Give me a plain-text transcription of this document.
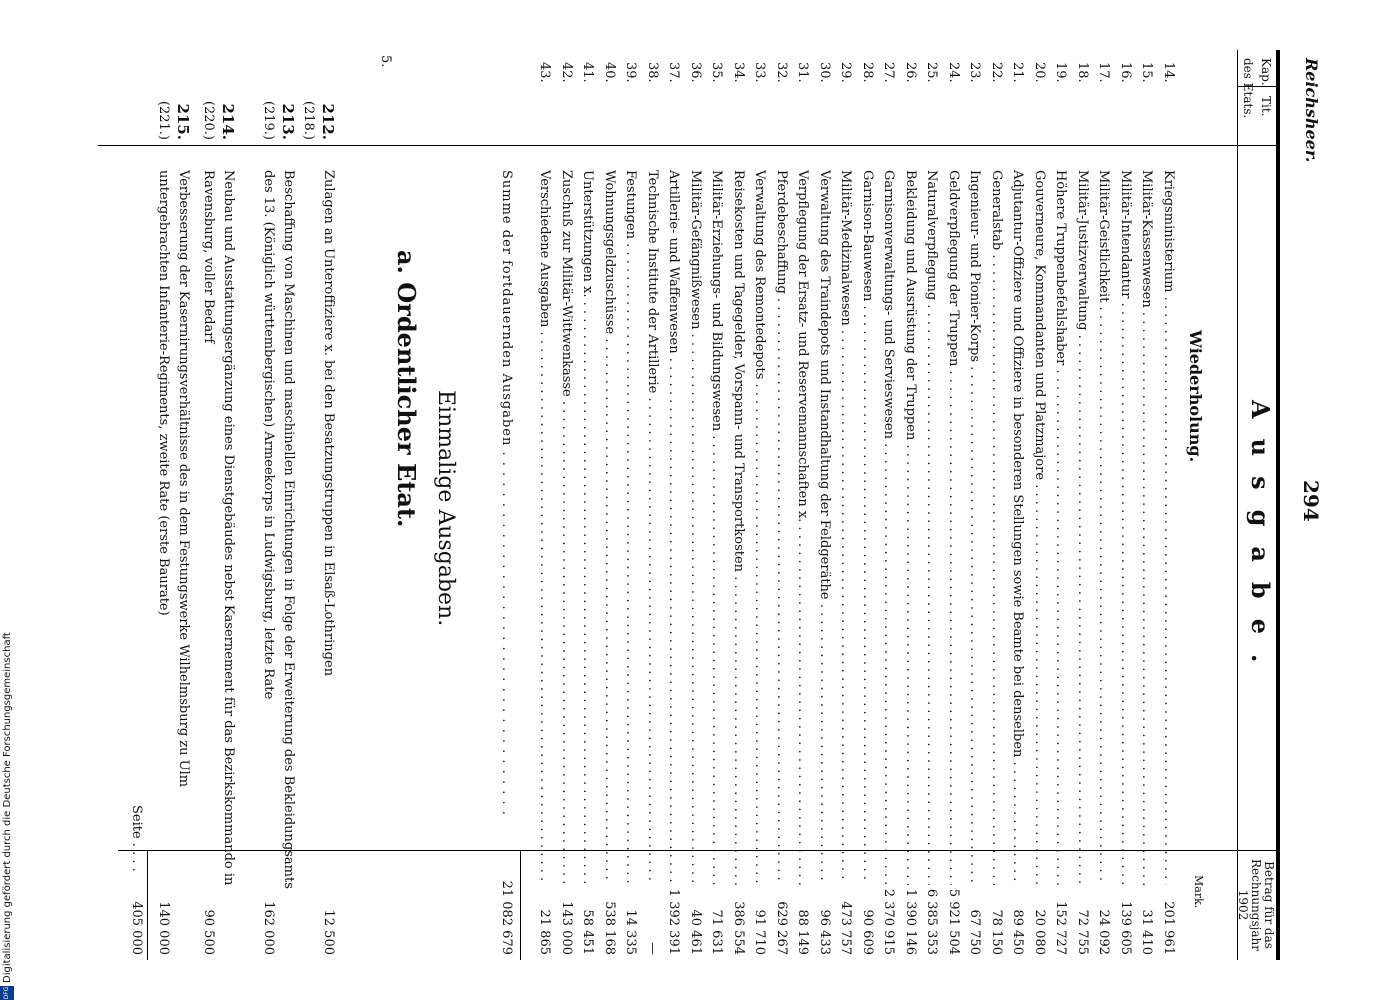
Reichsheer.
294
Kap.
Tit.
des Etats.
Ausgabe.
Betrag für das Rechnungsjahr 1902
Mark.
Wiederholung.
14.
Kriegsministerium . . .
201 961
15.
Militär-Kassenwesen . . .
31 410
16.
Militär-Intendantur . . .
139 605
17.
Militär-Geistlichkeit . . .
24 092
18.
Militär-Justizverwaltung . . .
72 755
19.
Höhere Truppenbefehlshaber . . .
152 727
20.
Gouverneure, Kommandanten und Platzmajore . . .
20 080
21.
Adjutantur-Offiziere und Offiziere in besonderen Stellungen sowie Beamte bei denselben . . .
89 450
22.
Generalstab . . .
78 150
23.
Ingenieur- und Pionier-Korps . . .
67 750
24.
Geldverpflegung der Truppen . . .
5 921 504
25.
Naturalverpflegung . . .
6 385 353
26.
Bekleidung und Ausrüstung der Truppen . . .
1 390 146
27.
Garnisonverwaltungs- und Servieswesen . . .
2 370 915
28.
Garnison-Bauwesen . . .
90 609
29.
Militär-Medizinalwesen . . .
473 757
30.
Verwaltung des Traindepots und Instandhaltung der Feldgeräthe . . .
96 433
31.
Verpflegung der Ersatz- und Reservemannschaften x. . . .
88 149
32.
Pferdebeschaffung . . .
629 267
33.
Verwaltung des Remontedepots . . .
91 710
34.
Reisekosten und Tagegelder, Vorspann- und Transportkosten . . .
386 554
35.
Militär-Erziehungs- und Bildungswesen . . .
71 631
36.
Militär-Gefängnißwesen . . .
40 461
37.
Artillerie- und Waffenwesen . . .
1 392 391
38.
Technische Institute der Artillerie . . .
—
39.
Festungen . . .
14 335
40.
Wohnungsgeldzuschüsse . . .
538 168
41.
Unterstützungen x. . . .
58 451
42.
Zuschuß zur Militär-Wittwenkasse . . .
143 000
43.
Verschiedene Ausgaben . . .
21 865
Summe der fortdauernden Ausgaben . . .
21 082 679
Einmalige Ausgaben.
5.
a. Ordentlicher Etat.
212.
(218.)
Zulagen an Unteroffiziere x. bei den Besatzungstruppen in Elsaß-Lothringen
12 500
213.
(219.)
Beschaffung von Maschinen und maschinellen Einrichtungen in Folge der Erweiterung des Bekleidungsamts des 13. (Königlich württembergischen) Armeekorps in Ludwigsburg, letzte Rate
162 000
214.
(220.)
Neubau und Ausstattungsergänzung eines Dienstgebäudes nebst Kasernement für das Bezirkskommando in Ravensburg, voller Bedarf
90 500
215.
(221.)
Verbesserung der Kasernirungsverhältnisse des in dem Festungswerke Wilhelmsburg zu Ulm untergebrachten Infanterie-Regiments, zweite Rate (erste Baurate)
140 000
Seite . . . .
405 000
DFGDigitalisierung gefördert durch die Deutsche Forschungsgemeinschaft
